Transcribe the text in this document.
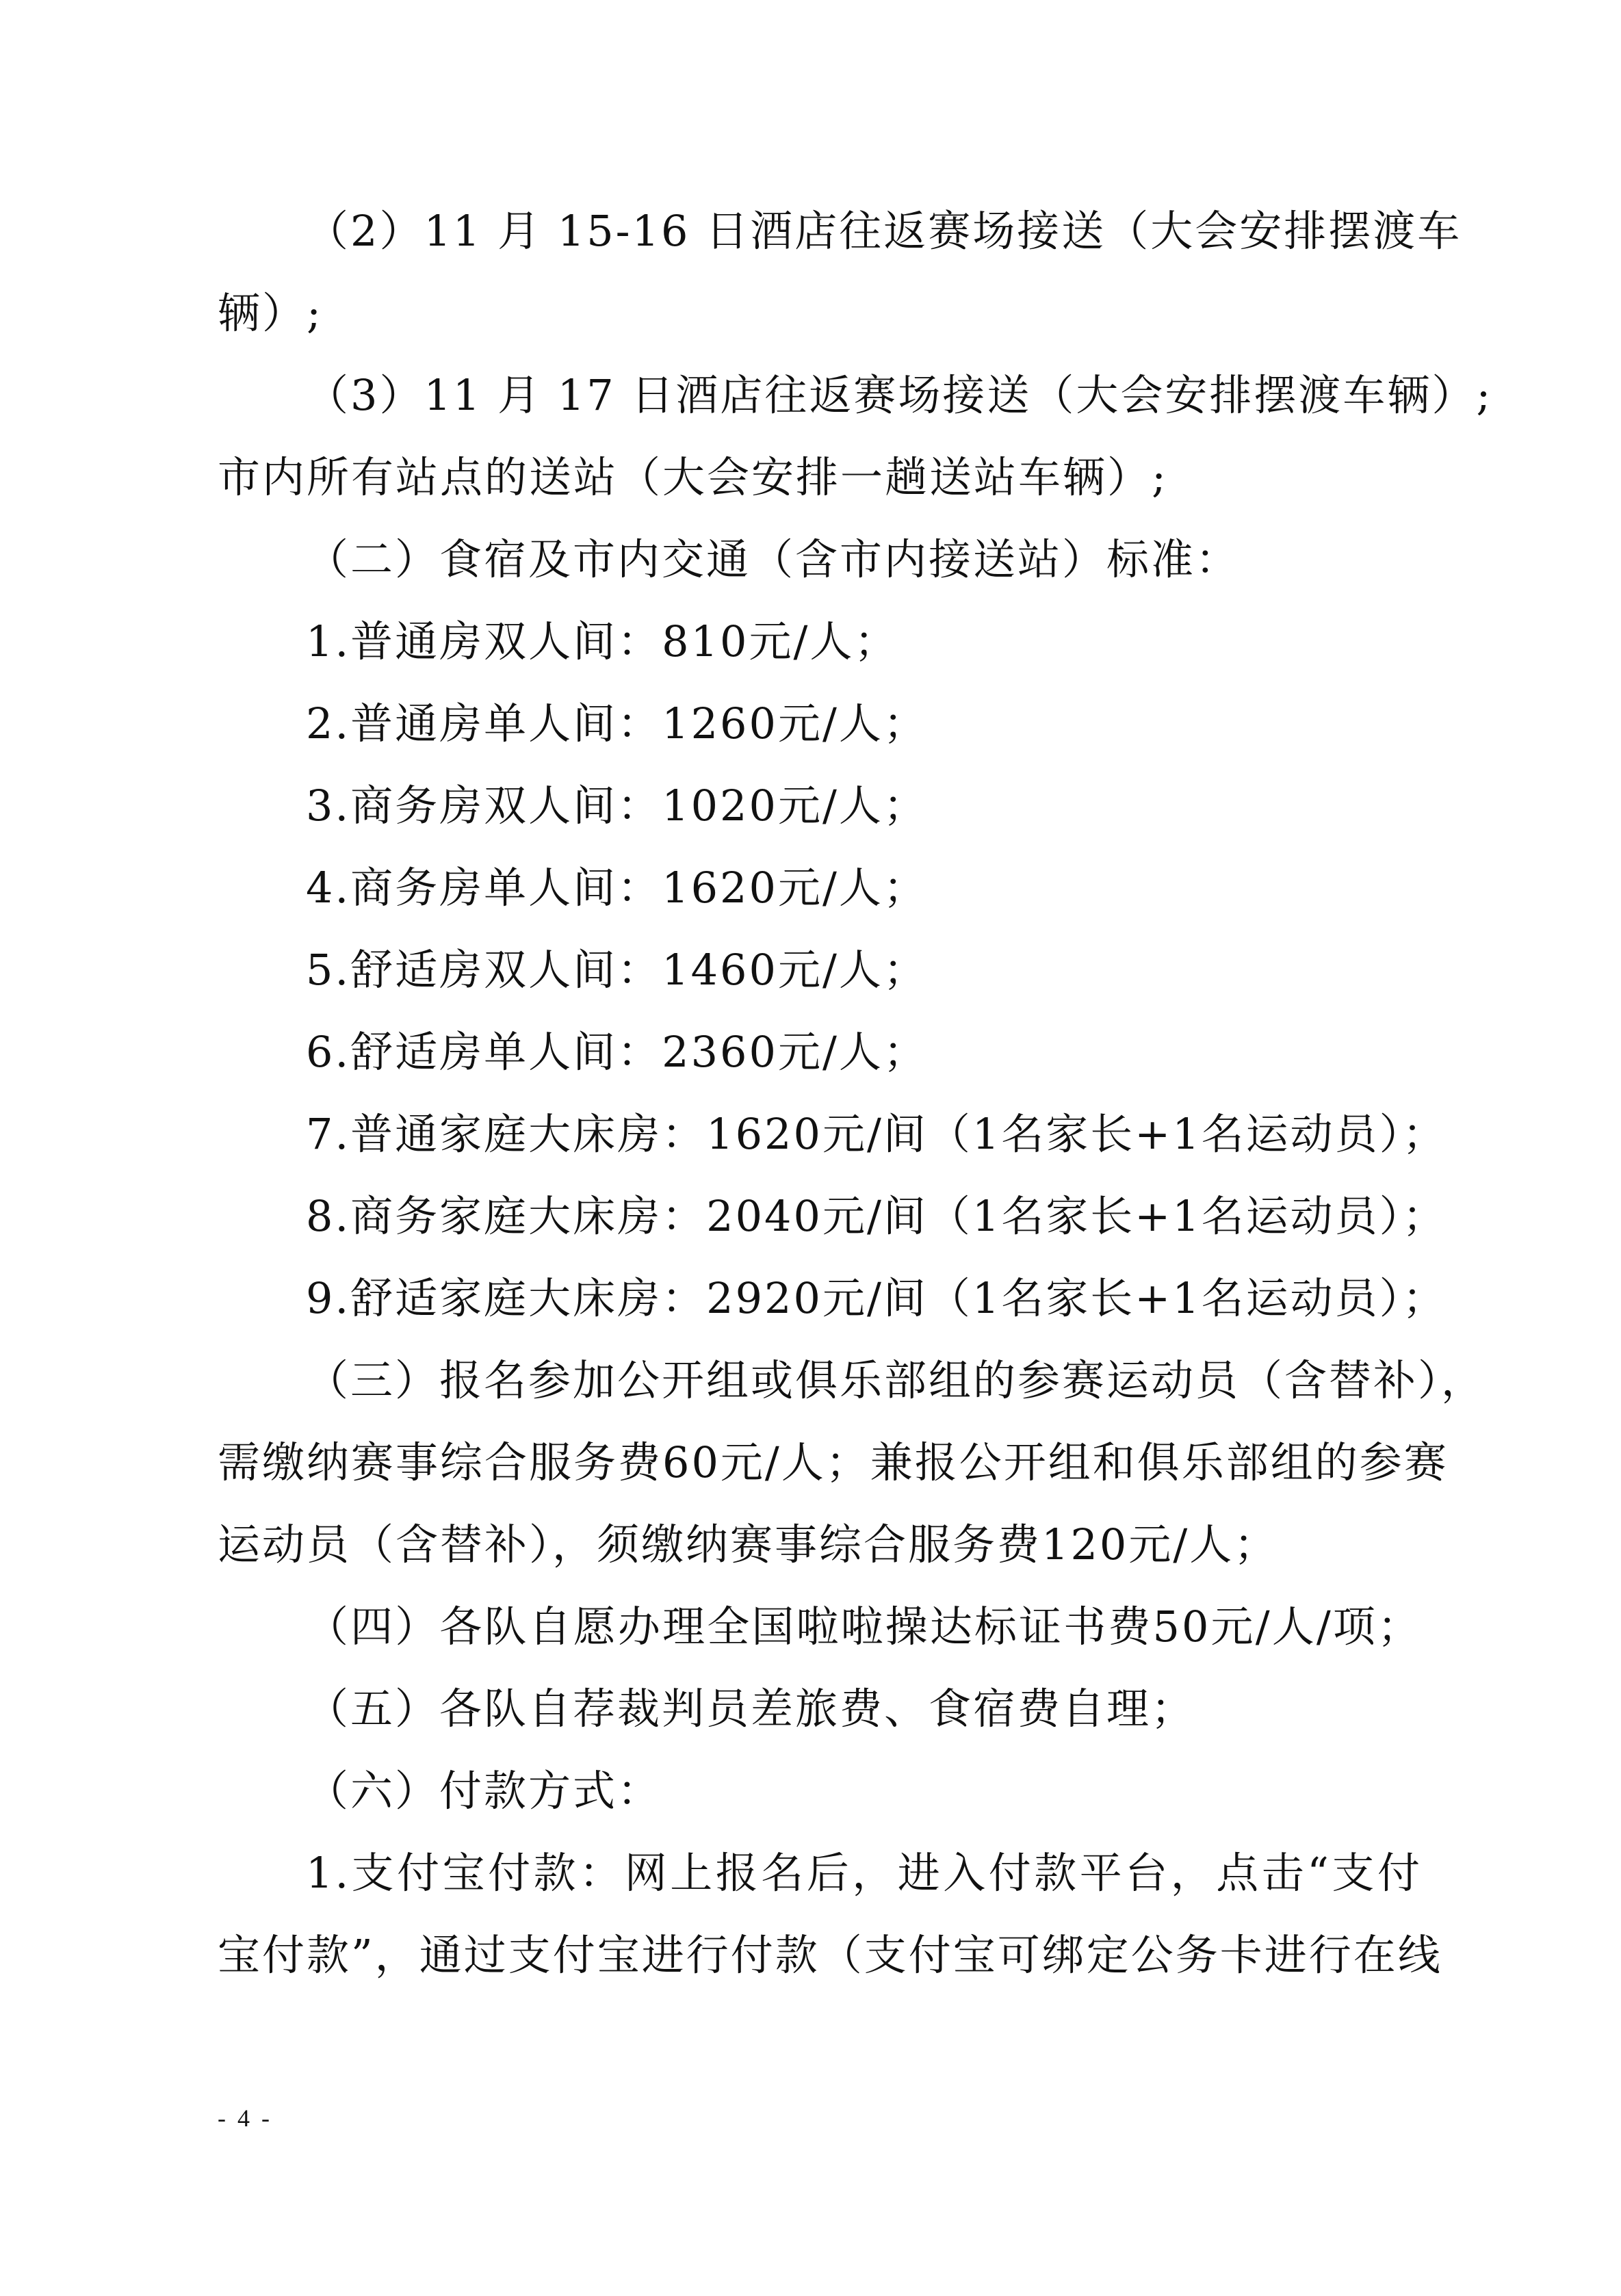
（2）11 月 15-16 日酒店往返赛场接送（大会安排摆渡车
辆）;
（3）11 月 17 日酒店往返赛场接送（大会安排摆渡车辆）;
市内所有站点的送站（大会安排一趟送站车辆）;
（二）食宿及市内交通（含市内接送站）标准：
1.普通房双人间：810元/人；
2.普通房单人间：1260元/人；
3.商务房双人间：1020元/人；
4.商务房单人间：1620元/人；
5.舒适房双人间：1460元/人；
6.舒适房单人间：2360元/人；
7.普通家庭大床房：1620元/间（1名家长+1名运动员）；
8.商务家庭大床房：2040元/间（1名家长+1名运动员）；
9.舒适家庭大床房：2920元/间（1名家长+1名运动员）；
（三）报名参加公开组或俱乐部组的参赛运动员（含替补），
需缴纳赛事综合服务费60元/人；兼报公开组和俱乐部组的参赛
运动员（含替补），须缴纳赛事综合服务费120元/人；
（四）各队自愿办理全国啦啦操达标证书费50元/人/项；
（五）各队自荐裁判员差旅费、食宿费自理；
（六）付款方式：
1.支付宝付款：网上报名后，进入付款平台，点击“支付
宝付款”，通过支付宝进行付款（支付宝可绑定公务卡进行在线
- 4 -
